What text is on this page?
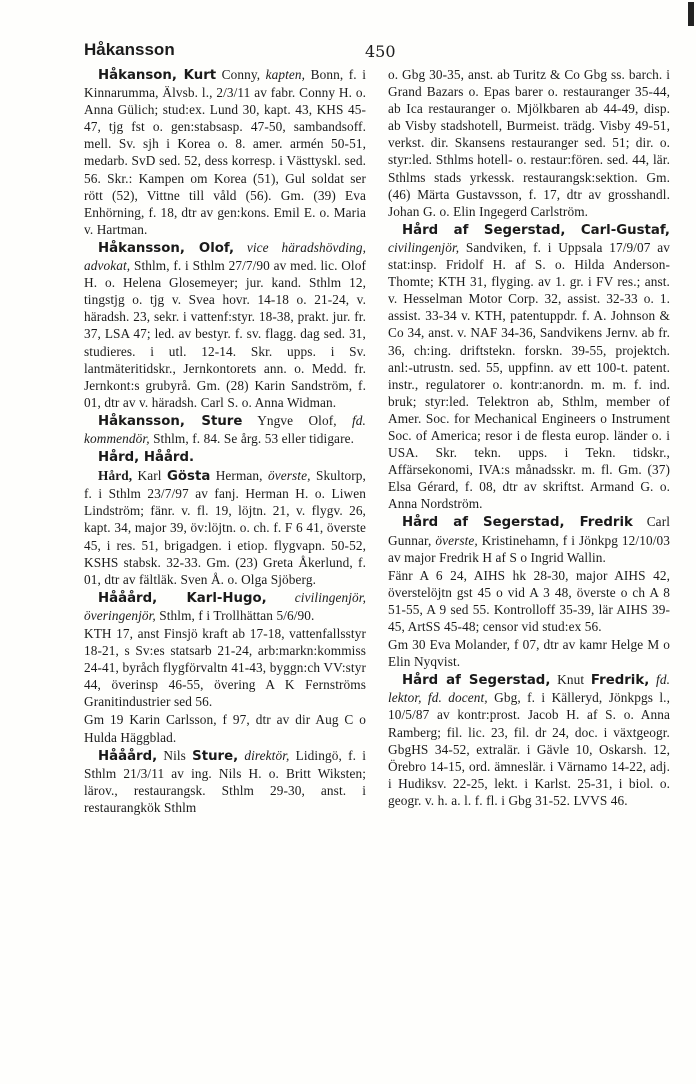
Håkansson	450

Håkanson, Kurt Conny, kapten, Bonn, f. i Kinnarumma, Älvsb. l., 2/3/11 av fabr. Conny H. o. Anna Gülich; stud:ex. Lund 30, kapt. 43, KHS 45-47, tjg fst o. gen:stabsasp. 47-50, sambandsoff. mell. Sv. sjh i Korea o. 8. amer. armén 50-51, medarb. SvD sed. 52, dess korresp. i Västtyskl. sed. 56. Skr.: Kampen om Korea (51), Gul soldat ser rött (52), Vittne till våld (56). Gm. (39) Eva Enhörning, f. 18, dtr av gen:kons. Emil E. o. Maria v. Hartman.

Håkansson, Olof, vice häradshövding, advokat, Sthlm, f. i Sthlm 27/7/90 av med. lic. Olof H. o. Helena Glosemeyer; jur. kand. Sthlm 12, tingstjg o. tjg v. Svea hovr. 14-18 o. 21-24, v. häradsh. 23, sekr. i vattenf:styr. 18-38, prakt. jur. fr. 37, LSA 47; led. av bestyr. f. sv. flagg. dag sed. 31, studieres. i utl. 12-14. Skr. upps. i Sv. lantmäteritidskr., Jernkontorets ann. o. Medd. fr. Jernkont:s grubyrå. Gm. (28) Karin Sandström, f. 01, dtr av v. häradsh. Carl S. o. Anna Widman.

Håkansson, Sture Yngve Olof, fd. kommendör, Sthlm, f. 84. Se årg. 53 eller tidigare.

Hård, Håård.

Hård, Karl Gösta Herman, överste, Skultorp, f. i Sthlm 23/7/97 av fanj. Herman H. o. Liwen Lindström; fänr. v. fl. 19, löjtn. 21, v. flygv. 26, kapt. 34, major 39, öv:löjtn. o. ch. f. F 6 41, överste 45, i res. 51, brigadgen. i etiop. flygvapn. 50-52, KSHS stabsk. 32-33. Gm. (23) Greta Åkerlund, f. 01, dtr av fältläk. Sven Å. o. Olga Sjöberg.

Hååård, Karl-Hugo, civilingenjör, överingenjör, Sthlm, f i Trollhättan 5/6/90.

KTH 17, anst Finsjö kraft ab 17-18, vattenfallsstyr 18-21, s Sv:es statsarb 21-24, arb:markn:kommiss 24-41, byråch flygförvaltn 41-43, byggn:ch VV:styr 44, överinsp 46-55, övering A K Fernströms Granitindustrier sed 56.

Gm 19 Karin Carlsson, f 97, dtr av dir Aug C o Hulda Häggblad.

Hååård, Nils Sture, direktör, Lidingö, f. i Sthlm 21/3/11 av ing. Nils H. o. Britt Wiksten; lärov., restaurangsk. Sthlm 29-30, anst. i restaurangkök Sthlm

o. Gbg 30-35, anst. ab Turitz & Co Gbg ss. barch. i Grand Bazars o. Epas barer o. restauranger 35-44, ab Ica restauranger o. Mjölkbaren ab 44-49, disp. ab Visby stadshotell, Burmeist. trädg. Visby 49-51, verkst. dir. Skansens restauranger sed. 51; dir. o. styr:led. Sthlms hotell- o. restaur:fören. sed. 44, lär. Sthlms stads yrkessk. restaurangsk:sektion. Gm. (46) Märta Gustavsson, f. 17, dtr av grosshandl. Johan G. o. Elin Ingegerd Carlström.

Hård af Segerstad, Carl-Gustaf, civilingenjör, Sandviken, f. i Uppsala 17/9/07 av stat:insp. Fridolf H. af S. o. Hilda Anderson-Thomte; KTH 31, flyging. av 1. gr. i FV res.; anst. v. Hesselman Motor Corp. 32, assist. 32-33 o. 1. assist. 33-34 v. KTH, patentuppdr. f. A. Johnson & Co 34, anst. v. NAF 34-36, Sandvikens Jernv. ab fr. 36, ch:ing. driftstekn. forskn. 39-55, projektch. anl:-utrustn. sed. 55, uppfinn. av ett 100-t. patent. instr., regulatorer o. kontr:anordn. m. m. f. ind. bruk; styr:led. Telektron ab, Sthlm, member of Amer. Soc. for Mechanical Engineers o Instrument Soc. of America; resor i de flesta europ. länder o. i USA. Skr. tekn. upps. i Tekn. tidskr., Affärsekonomi, IVA:s månadsskr. m. fl. Gm. (37) Elsa Gérard, f. 08, dtr av skriftst. Armand G. o. Anna Nordström.

Hård af Segerstad, Fredrik Carl Gunnar, överste, Kristinehamn, f i Jönkpg 12/10/03 av major Fredrik H af S o Ingrid Wallin.

Fänr A 6 24, AIHS hk 28-30, major AIHS 42, överstelöjtn gst 45 o vid A 3 48, överste o ch A 8 51-55, A 9 sed 55. Kontrolloff 35-39, lär AIHS 39-45, ArtSS 45-48; censor vid stud:ex 56.

Gm 30 Eva Molander, f 07, dtr av kamr Helge M o Elin Nyqvist.

Hård af Segerstad, Knut Fredrik, fd. lektor, fd. docent, Gbg, f. i Källeryd, Jönkpgs l., 10/5/87 av kontr:prost. Jacob H. af S. o. Anna Ramberg; fil. lic. 23, fil. dr 24, doc. i växtgeogr. GbgHS 34-52, extralär. i Gävle 10, Oskarsh. 12, Örebro 14-15, ord. ämneslär. i Värnamo 14-22, adj. i Hudiksv. 22-25, lekt. i Karlst. 25-31, i biol. o. geogr. v. h. a. l. f. fl. i Gbg 31-52. LVVS 46.
